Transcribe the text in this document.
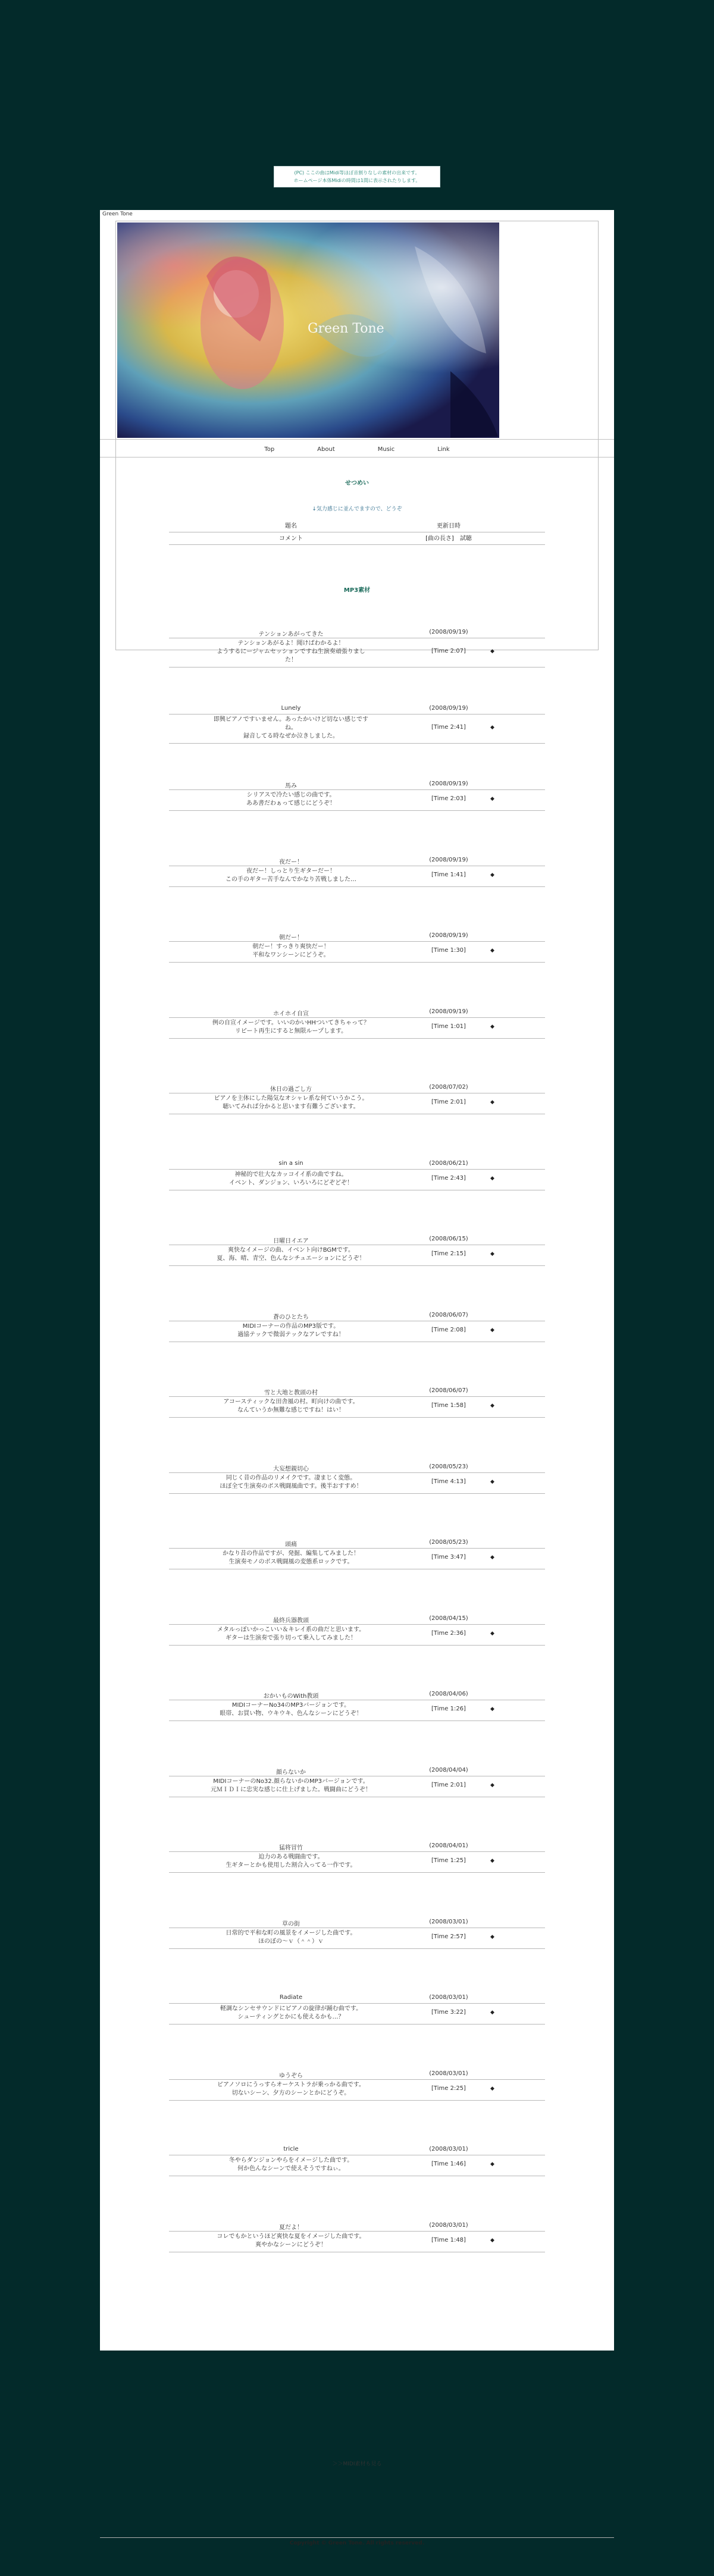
(PC) ここの曲はMidi等ほぼ音割りなしの素材の出来です。
ホームページ本体Midiの時間は1間に表示されたりします。
Green Tone
Green Tone
Top	About	Music	Link
せつめい
↓気力感じに並んでますので、どうぞ
題名	更新日時
コメント	[曲の長さ]　試聴
MP3素材
テンションあがってきた	(2008/09/19)
テンションあがるよ！聞けばわかるよ！
ようするにージャムセッションですね生演奏頑張りまし
た！
[Time 2:07]	◆
Lunely	(2008/09/19)
即興ピアノですいません。あったかいけど切ない感じです
ね。
録音してる時なぜか泣きしました。
[Time 2:41]	◆
馬み	(2008/09/19)
シリアスで冷たい感じの曲です。
ああ書だわぁって感じにどうぞ！
[Time 2:03]	◆
夜だー！	(2008/09/19)
夜だー！しっとり生ギターだー！
この手のギター苦手なんでかなり苦戦しました…
[Time 1:41]	◆
朝だー！	(2008/09/19)
朝だー！すっきり爽快だー！
平和なワンシーンにどうぞ。
[Time 1:30]	◆
ホイホイ自宣	(2008/09/19)
例の自宣イメージです。いいのかいHHついてきちゃって？
リピート再生にすると無限ループします。
[Time 1:01]	◆
休日の過ごし方	(2008/07/02)
ピアノを主体にした陽気なオシャレ系な何ていうかこう。
聴いてみれば分かると思います有難うございます。
[Time 2:01]	◆
sin a sin	(2008/06/21)
神秘的で壮大なカッコイイ系の曲ですね。
イベント、ダンジョン、いろいろにどぞどぞ！
[Time 2:43]	◆
日曜日イエア	(2008/06/15)
爽快なイメージの曲、イベント向けBGMです。
夏、海、晴、青空、色んなシチュエーションにどうぞ！
[Time 2:15]	◆
蒼のひとたち	(2008/06/07)
MIDIコーナーの作品のMP3版です。
過協テックで微弱テックなアレですね！
[Time 2:08]	◆
雪と大地と教頭の村	(2008/06/07)
アコースティックな田舎風の村。町向けの曲です。
なんていうか無難な感じですね！はい！
[Time 1:58]	◆
大妄想親切心	(2008/05/23)
同じく昔の作品のリメイクです。凄まじく変態。
ほぼ全て生演奏のボス戦闘風曲です。後半おすすめ！
[Time 4:13]	◆
頭痛	(2008/05/23)
かなり昔の作品ですが、発掘、編集してみました！
生演奏モノのボス戦闘風の変態系ロックです。
[Time 3:47]	◆
最終兵器教頭	(2008/04/15)
メタルっぽいかっこいい＆キレイ系の曲だと思います。
ギターは生演奏で張り切って乗入してみました！
[Time 2:36]	◆
おかいものWith教頭	(2008/04/06)
MIDIコーナーNo34のMP3バージョンです。
眼帯、お買い物、ウキウキ、色んなシーンにどうぞ！
[Time 1:26]	◆
顔らないか	(2008/04/04)
MIDIコーナーのNo32.顔らないかのMP3バージョンです。
元ＭＩＤＩに忠実な感じに仕上げました。戦闘曲にどうぞ！
[Time 2:01]	◆
猛将冒竹	(2008/04/01)
迫力のある戦闘曲です。
生ギターとかも使用した割合入ってる一作です。
[Time 1:25]	◆
草の街	(2008/03/01)
日常的で平和な町の風景をイメージした曲です。
ほのぼの～ｖ（＾＾）ｖ
[Time 2:57]	◆
Radiate	(2008/03/01)
軽調なシンセサウンドにピアノの旋律が踊む曲です。
シューティングとかにも使えるかも…？
[Time 3:22]	◆
ゆうぞら	(2008/03/01)
ピアノソロにうっすらオーケストラが乗っかる曲です。
切ないシーン、夕方のシーンとかにどうぞ。
[Time 2:25]	◆
tricle	(2008/03/01)
冬やらダンジョンやらをイメージした曲です。
何か色んなシーンで使えそうですねぃ。
[Time 1:46]	◆
夏だよ！	(2008/03/01)
コレでもかというほど爽快な夏をイメージした曲です。
爽やかなシーンにどうぞ！
[Time 1:48]	◆
＞＞MIDI素材も見る
Copyright © Green Tone. All rights reserved.
